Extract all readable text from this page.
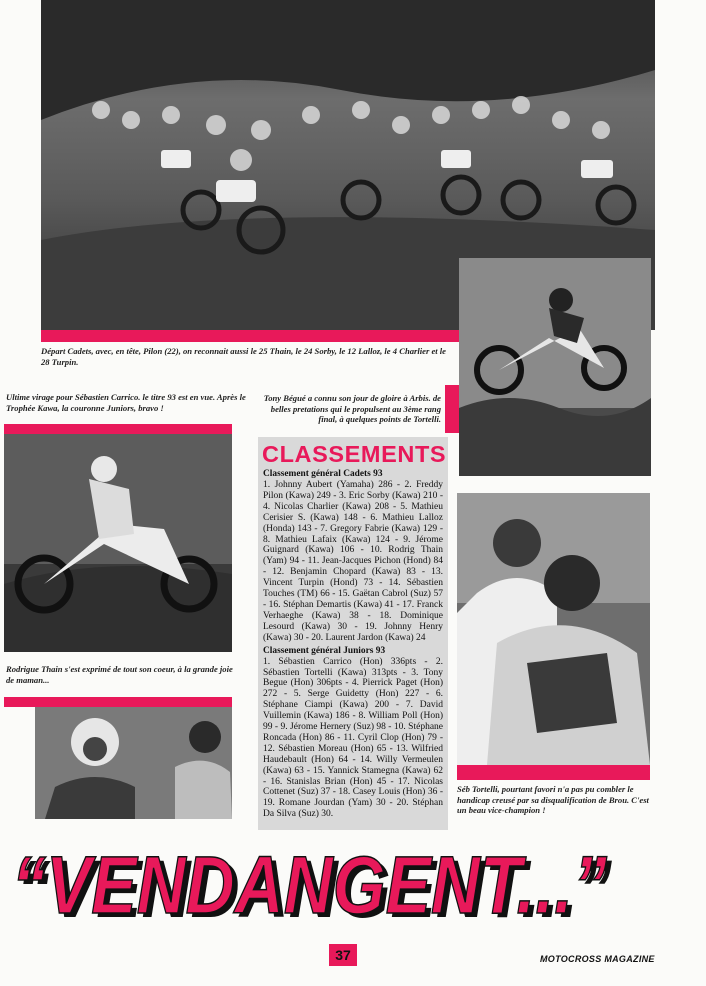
Départ Cadets, avec, en tête, Pilon (22), on reconnait aussi le 25 Thain, le 24 Sorby, le 12 Lalloz, le 4 Charlier et le 28 Turpin.
Ultime virage pour Sébastien Carrico. le titre 93 est en vue. Après le Trophée Kawa, la couronne Juniors, bravo !
Tony Bégué a connu son jour de gloire à Arbis. de belles pretations qui le propulsent au 3ème rang final, à quelques points de Tortelli.
CLASSEMENTS
Classement général Cadets 93
1. Johnny Aubert (Yamaha) 286 - 2. Freddy Pilon (Kawa) 249 - 3. Eric Sorby (Kawa) 210 - 4. Nicolas Charlier (Kawa) 208 - 5. Mathieu Cerisier S. (Kawa) 148 - 6. Mathieu Lalloz (Honda) 143 - 7. Gregory Fabrie (Kawa) 129 - 8. Mathieu Lafaix (Kawa) 124 - 9. Jérome Guignard (Kawa) 106 - 10. Rodrig Thain (Yam) 94 - 11. Jean-Jacques Pichon (Hond) 84 - 12. Benjamin Chopard (Kawa) 83 - 13. Vincent Turpin (Hond) 73 - 14. Sébastien Touches (TM) 66 - 15. Gaëtan Cabrol (Suz) 57 - 16. Stéphan Demartis (Kawa) 41 - 17. Franck Verhaeghe (Kawa) 38 - 18. Dominique Lesourd (Kawa) 30 - 19. Johnny Henry (Kawa) 30 - 20. Laurent Jardon (Kawa) 24
Classement général Juniors 93
1. Sébastien Carrico (Hon) 336pts - 2. Sébastien Tortelli (Kawa) 313pts - 3. Tony Begue (Hon) 306pts - 4. Pierrick Paget (Hon) 272 - 5. Serge Guidetty (Hon) 227 - 6. Stéphane Ciampi (Kawa) 200 - 7. David Vuillemin (Kawa) 186 - 8. William Poll (Hon) 99 - 9. Jérome Hernery (Suz) 98 - 10. Stéphane Roncada (Hon) 86 - 11. Cyril Clop (Hon) 79 - 12. Sébastien Moreau (Hon) 65 - 13. Wilfried Haudebault (Hon) 64 - 14. Willy Vermeulen (Kawa) 63 - 15. Yannick Stamegna (Kawa) 62 - 16. Stanislas Brian (Hon) 45 - 17. Nicolas Cottenet (Suz) 37 - 18. Casey Louis (Hon) 36 - 19. Romane Jourdan (Yam) 30 - 20. Stéphan Da Silva (Suz) 30.
Séb Tortelli, pourtant favori n'a pas pu combler le handicap creusé par sa disqualification de Brou. C'est un beau vice-champion !
Rodrigue Thain s'est exprimé de tout son coeur, à la grande joie de maman...
“VENDANGENT...”
“VENDANGENT...”
37	MOTOCROSS MAGAZINE
